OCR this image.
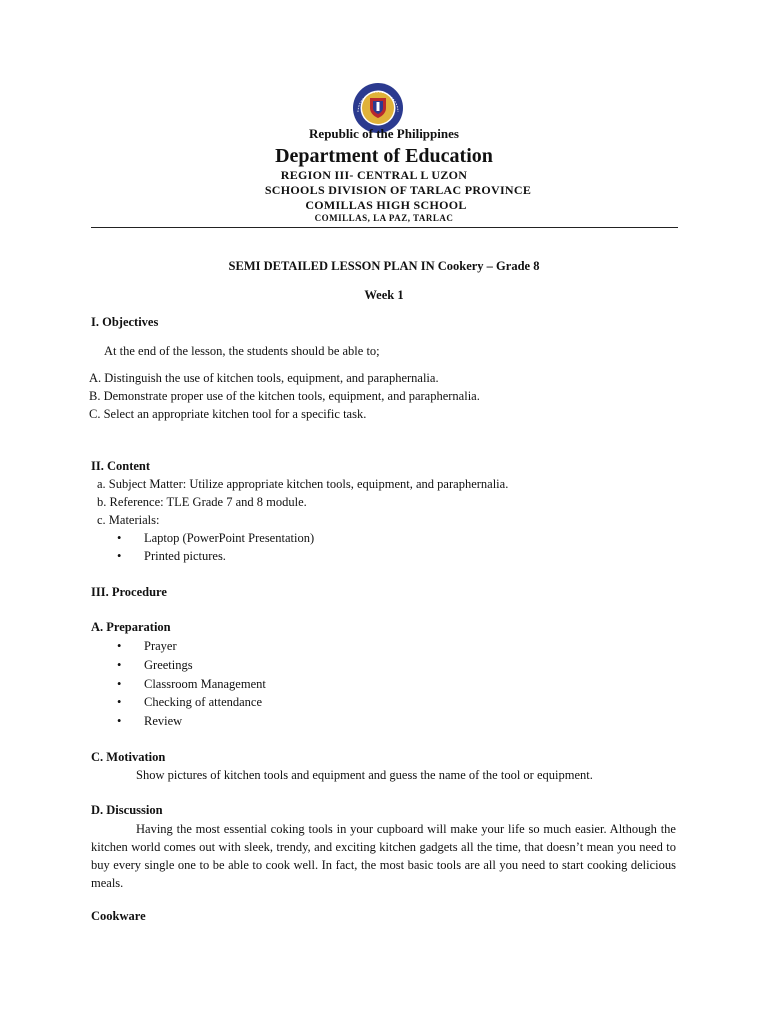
Republic of the Philippines
Department of Education
REGION III- CENTRAL L UZON
SCHOOLS DIVISION OF TARLAC PROVINCE
COMILLAS HIGH SCHOOL
COMILLAS, LA PAZ, TARLAC
SEMI DETAILED LESSON PLAN IN Cookery – Grade 8
Week 1
I. Objectives
At the end of the lesson, the students should be able to;
A. Distinguish the use of kitchen tools, equipment, and paraphernalia.
B. Demonstrate proper use of the kitchen tools, equipment, and paraphernalia.
C. Select an appropriate kitchen tool for a specific task.
II. Content
a. Subject Matter: Utilize appropriate kitchen tools, equipment, and paraphernalia.
b. Reference: TLE Grade 7 and 8 module.
c. Materials:
• Laptop (PowerPoint Presentation)
• Printed pictures.
III. Procedure
A. Preparation
• Prayer
• Greetings
• Classroom Management
• Checking of attendance
• Review
C. Motivation
Show pictures of kitchen tools and equipment and guess the name of the tool or equipment.
D. Discussion
Having the most essential coking tools in your cupboard will make your life so much easier. Although the kitchen world comes out with sleek, trendy, and exciting kitchen gadgets all the time, that doesn’t mean you need to buy every single one to be able to cook well. In fact, the most basic tools are all you need to start cooking delicious meals.
Cookware
